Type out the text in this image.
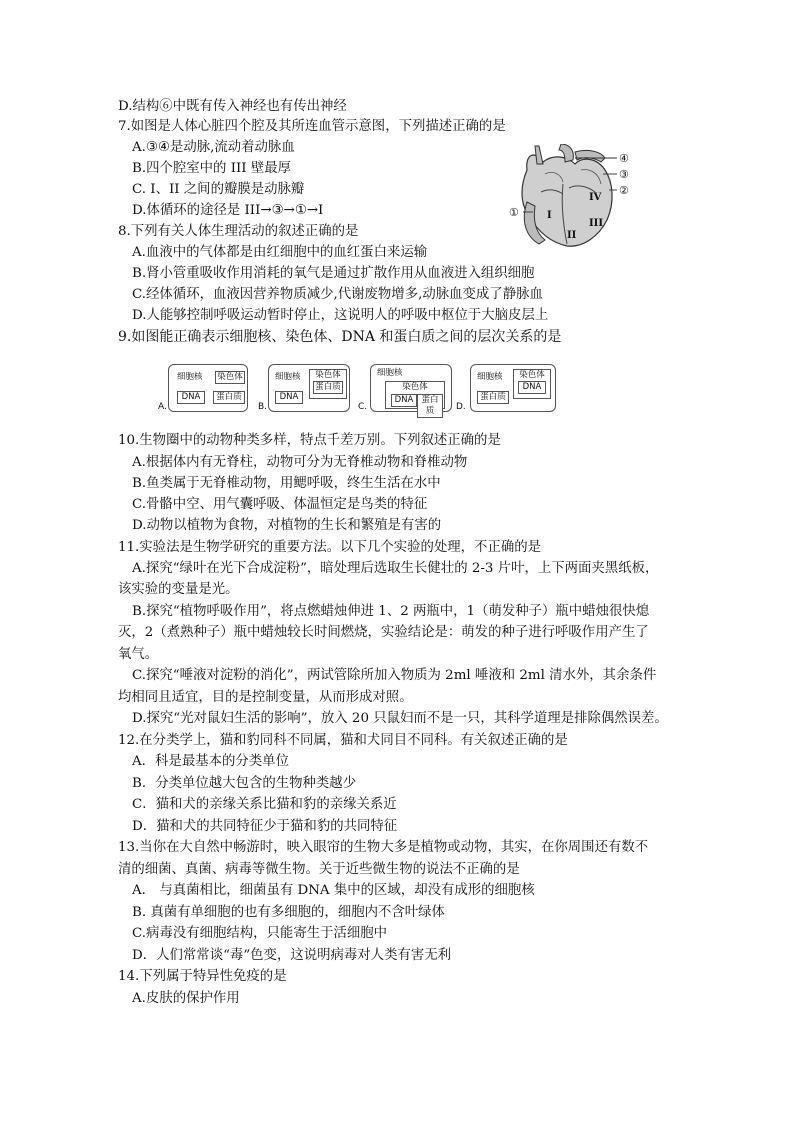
D.结构⑥中既有传入神经也有传出神经
7.如图是人体心脏四个腔及其所连血管示意图，下列描述正确的是
A.③④是动脉,流动着动脉血
B.四个腔室中的 III 壁最厚
C. I、II 之间的瓣膜是动脉瓣
D.体循环的途径是 III→③→①→I
8.下列有关人体生理活动的叙述正确的是
A.血液中的气体都是由红细胞中的血红蛋白来运输
B.肾小管重吸收作用消耗的氧气是通过扩散作用从血液进入组织细胞
C.经体循环，血液因营养物质减少,代谢废物增多,动脉血变成了静脉血
D.人能够控制呼吸运动暂时停止，这说明人的呼吸中枢位于大脑皮层上
9.如图能正确表示细胞核、染色体、DNA 和蛋白质之间的层次关系的是
④
③
②
①	I
II
III
IV
细胞核 染色体
DNA	蛋白质
A.
细胞核	染色体
蛋白质
DNA
B.
细胞核
染色体
DNA 蛋白质
C.
细胞核	染色体
DNA
蛋白质
D.
10.生物圈中的动物种类多样，特点千差万别。下列叙述正确的是
A.根据体内有无脊柱，动物可分为无脊椎动物和脊椎动物
B.鱼类属于无脊椎动物，用鳃呼吸，终生生活在水中
C.骨骼中空、用气囊呼吸、体温恒定是鸟类的特征
D.动物以植物为食物，对植物的生长和繁殖是有害的
11.实验法是生物学研究的重要方法。以下几个实验的处理，不正确的是
A.探究“绿叶在光下合成淀粉”，暗处理后选取生长健壮的 2-3 片叶，上下两面夹黑纸板，
该实验的变量是光。
B.探究“植物呼吸作用”，将点燃蜡烛伸进 1、2 两瓶中，1（萌发种子）瓶中蜡烛很快熄
灭，2（煮熟种子）瓶中蜡烛较长时间燃烧，实验结论是：萌发的种子进行呼吸作用产生了
氧气。
C.探究“唾液对淀粉的消化”，两试管除所加入物质为 2ml 唾液和 2ml 清水外，其余条件
均相同且适宜，目的是控制变量，从而形成对照。
D.探究“光对鼠妇生活的影响”，放入 20 只鼠妇而不是一只，其科学道理是排除偶然误差。
12.在分类学上，猫和豹同科不同属，猫和犬同目不同科。有关叙述正确的是
A．科是最基本的分类单位
B．分类单位越大包含的生物种类越少
C．猫和犬的亲缘关系比猫和豹的亲缘关系近
D．猫和犬的共同特征少于猫和豹的共同特征
13.当你在大自然中畅游时，映入眼帘的生物大多是植物或动物，其实，在你周围还有数不
清的细菌、真菌、病毒等微生物。关于近些微生物的说法不正确的是
A． 与真菌相比，细菌虽有 DNA 集中的区域，却没有成形的细胞核
B. 真菌有单细胞的也有多细胞的，细胞内不含叶绿体
C.病毒没有细胞结构，只能寄生于活细胞中
D．人们常常谈“毒”色变，这说明病毒对人类有害无利
14.下列属于特异性免疫的是
A.皮肤的保护作用
